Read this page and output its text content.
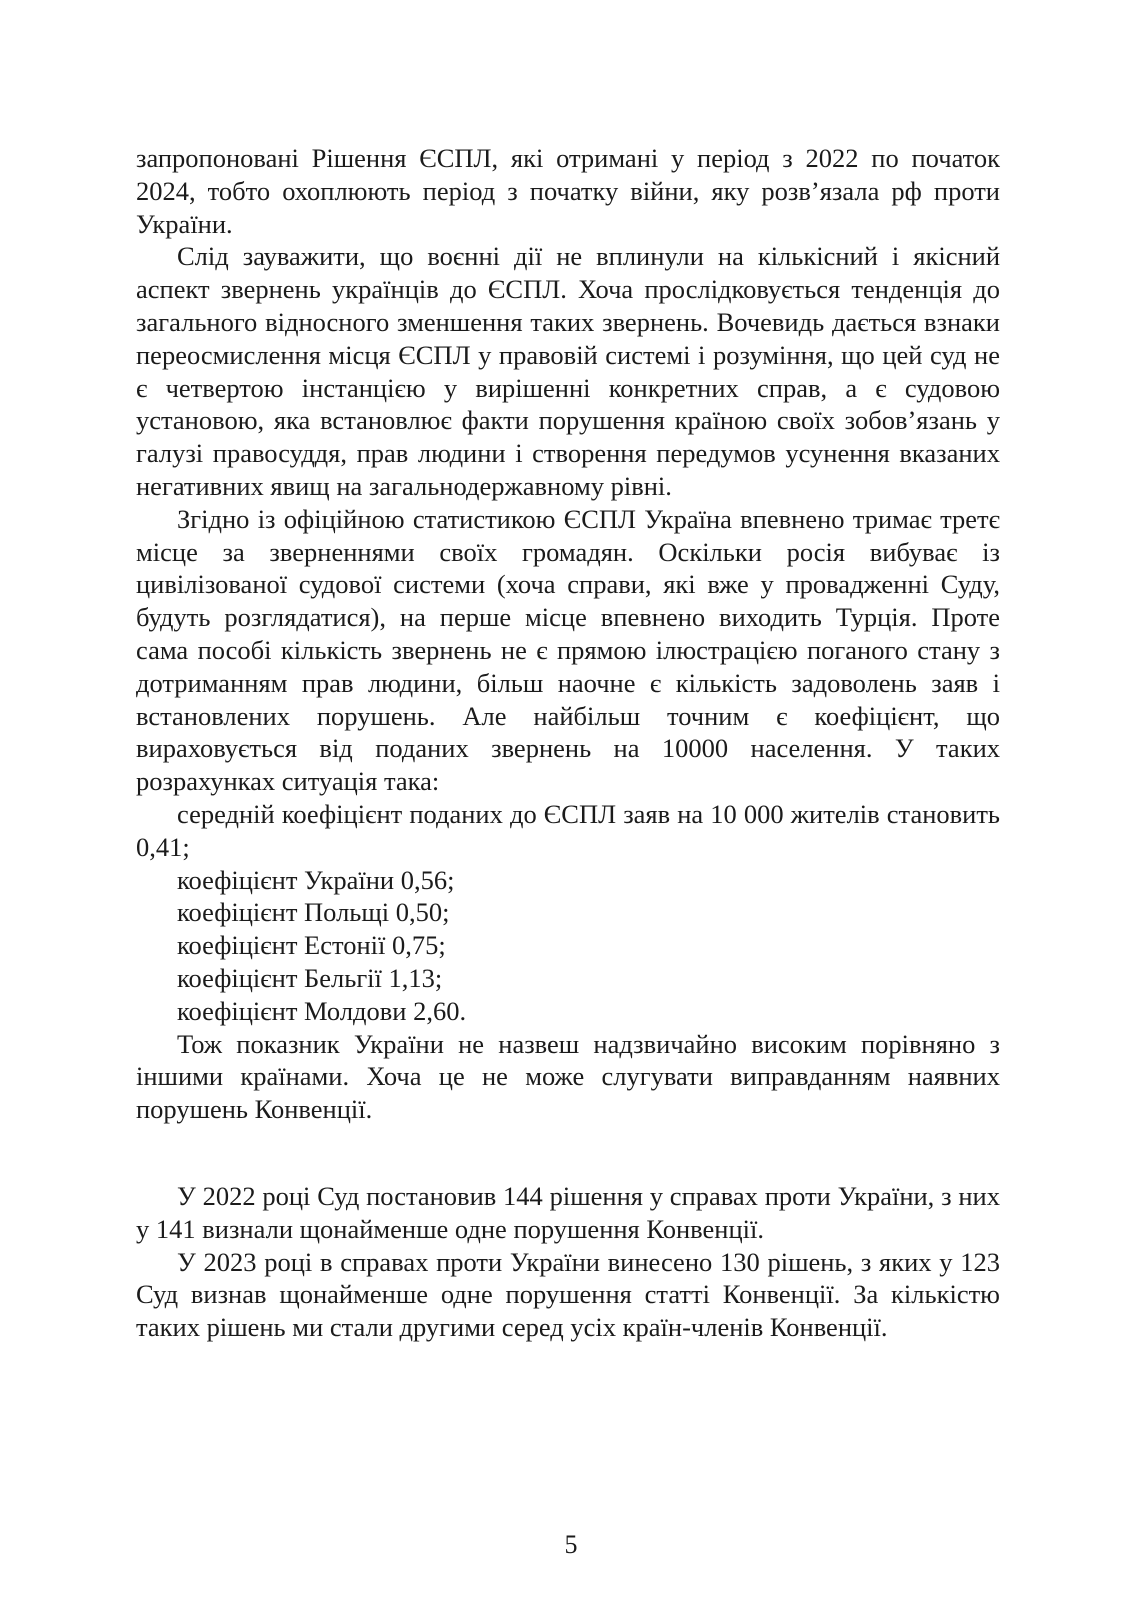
запропоновані Рішення ЄСПЛ, які отримані у період з 2022 по початок 2024, тобто охоплюють період з початку війни, яку розв’язала рф проти України.

Слід зауважити, що воєнні дії не вплинули на кількісний і якісний аспект звернень українців до ЄСПЛ. Хоча прослідковується тенденція до загального відносного зменшення таких звернень. Вочевидь дається взнаки переосмислення місця ЄСПЛ у правовій системі і розуміння, що цей суд не є четвертою інстанцією у вирішенні конкретних справ, а є судовою установою, яка встановлює факти порушення країною своїх зобов’язань у галузі правосуддя, прав людини і створення передумов усунення вказаних негативних явищ на загальнодержавному рівні.

Згідно із офіційною статистикою ЄСПЛ Україна впевнено тримає третє місце за зверненнями своїх громадян. Оскільки росія вибуває із цивілізованої судової системи (хоча справи, які вже у провадженні Суду, будуть розглядатися), на перше місце впевнено виходить Турція. Проте сама пособі кількість звернень не є прямою ілюстрацією поганого стану з дотриманням прав людини, більш наочне є кількість задоволень заяв і встановлених порушень. Але найбільш точним є коефіцієнт, що вираховується від поданих звернень на 10000 населення. У таких розрахунках ситуація така:

середній коефіцієнт поданих до ЄСПЛ заяв на 10 000 жителів становить 0,41;

коефіцієнт України 0,56;
коефіцієнт Польщі 0,50;
коефіцієнт Естонії 0,75;
коефіцієнт Бельгії 1,13;
коефіцієнт Молдови 2,60.

Тож показник України не назвеш надзвичайно високим порівняно з іншими країнами. Хоча це не може слугувати виправданням наявних порушень Конвенції.

У 2022 році Суд постановив 144 рішення у справах проти України, з них у 141 визнали щонайменше одне порушення Конвенції.

У 2023 році в справах проти України винесено 130 рішень, з яких у 123 Суд визнав щонайменше одне порушення статті Конвенції. За кількістю таких рішень ми стали другими серед усіх країн-членів Конвенції.

5
